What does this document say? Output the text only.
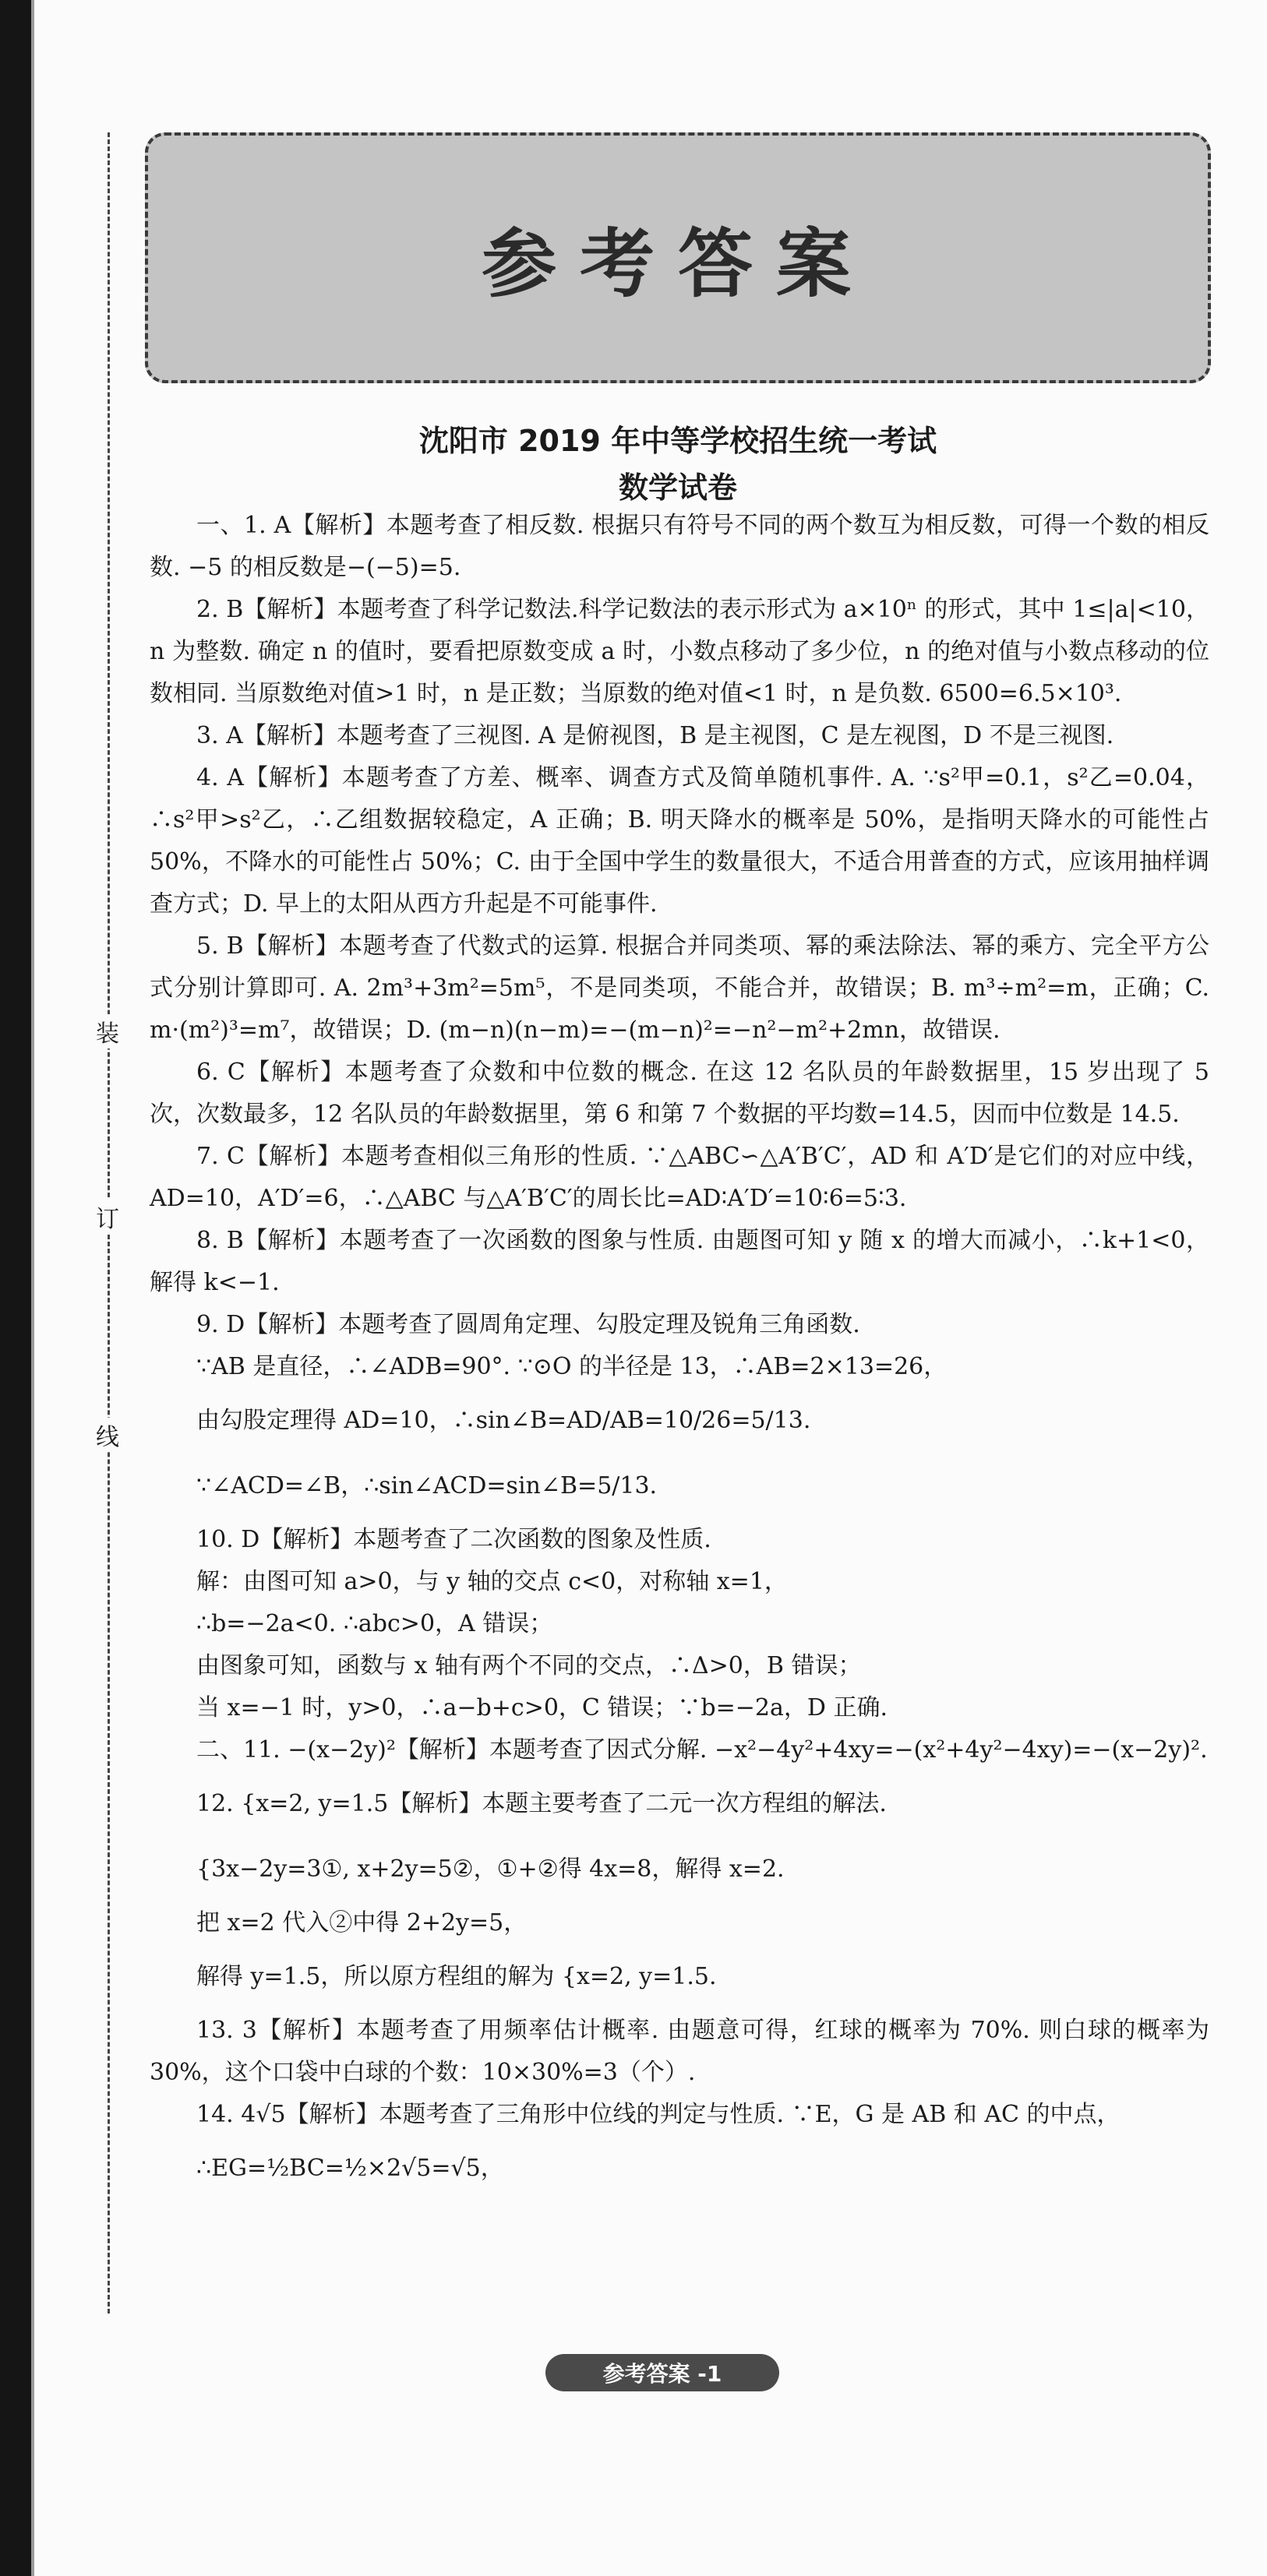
装
订
线
参考答案
沈阳市 2019 年中等学校招生统一考试
数学试卷

一、1. A【解析】本题考查了相反数. 根据只有符号不同的两个数互为相反数，可得一个数的相反数. −5 的相反数是−(−5)=5.

2. B【解析】本题考查了科学记数法.科学记数法的表示形式为 a×10ⁿ 的形式，其中 1≤|a|<10，n 为整数. 确定 n 的值时，要看把原数变成 a 时，小数点移动了多少位，n 的绝对值与小数点移动的位数相同. 当原数绝对值>1 时，n 是正数；当原数的绝对值<1 时，n 是负数. 6500=6.5×10³.

3. A【解析】本题考查了三视图. A 是俯视图，B 是主视图，C 是左视图，D 不是三视图.

4. A【解析】本题考查了方差、概率、调查方式及简单随机事件. A. ∵s²甲=0.1，s²乙=0.04，∴s²甲>s²乙，∴乙组数据较稳定，A 正确；B. 明天降水的概率是 50%，是指明天降水的可能性占 50%，不降水的可能性占 50%；C. 由于全国中学生的数量很大，不适合用普查的方式，应该用抽样调查方式；D. 早上的太阳从西方升起是不可能事件.

5. B【解析】本题考查了代数式的运算. 根据合并同类项、幂的乘法除法、幂的乘方、完全平方公式分别计算即可. A. 2m³+3m²=5m⁵，不是同类项，不能合并，故错误；B. m³÷m²=m，正确；C. m·(m²)³=m⁷，故错误；D. (m−n)(n−m)=−(m−n)²=−n²−m²+2mn，故错误.

6. C【解析】本题考查了众数和中位数的概念. 在这 12 名队员的年龄数据里，15 岁出现了 5 次，次数最多，12 名队员的年龄数据里，第 6 和第 7 个数据的平均数=14.5，因而中位数是 14.5.

7. C【解析】本题考查相似三角形的性质. ∵△ABC∽△A′B′C′，AD 和 A′D′是它们的对应中线，AD=10，A′D′=6，∴△ABC 与△A′B′C′的周长比=AD∶A′D′=10∶6=5∶3.

8. B【解析】本题考查了一次函数的图象与性质. 由题图可知 y 随 x 的增大而减小，∴k+1<0，解得 k<−1.

9. D【解析】本题考查了圆周角定理、勾股定理及锐角三角函数.

∵AB 是直径，∴∠ADB=90°. ∵⊙O 的半径是 13，∴AB=2×13=26，

由勾股定理得 AD=10，∴sin∠B=AD/AB=10/26=5/13.

∵∠ACD=∠B，∴sin∠ACD=sin∠B=5/13.

10. D【解析】本题考查了二次函数的图象及性质.

解：由图可知 a>0，与 y 轴的交点 c<0，对称轴 x=1，

∴b=−2a<0. ∴abc>0，A 错误；

由图象可知，函数与 x 轴有两个不同的交点，∴Δ>0，B 错误；

当 x=−1 时，y>0，∴a−b+c>0，C 错误；∵b=−2a，D 正确.

二、11. −(x−2y)²【解析】本题考查了因式分解. −x²−4y²+4xy=−(x²+4y²−4xy)=−(x−2y)².

12. {x=2, y=1.5【解析】本题主要考查了二元一次方程组的解法.

{3x−2y=3①, x+2y=5②，①+②得 4x=8，解得 x=2.

把 x=2 代入②中得 2+2y=5，

解得 y=1.5，所以原方程组的解为 {x=2, y=1.5.

13. 3【解析】本题考查了用频率估计概率. 由题意可得，红球的概率为 70%. 则白球的概率为 30%，这个口袋中白球的个数：10×30%=3（个）.

14. 4√5【解析】本题考查了三角形中位线的判定与性质. ∵E，G 是 AB 和 AC 的中点，

∴EG=½BC=½×2√5=√5，

参考答案 -1
